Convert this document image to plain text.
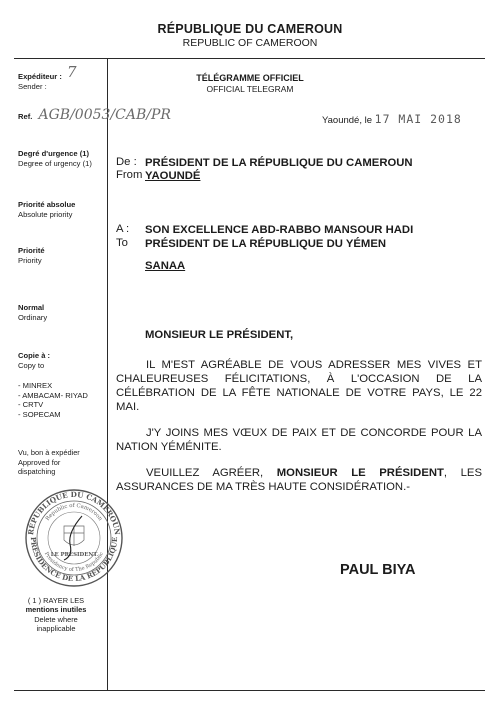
RÉPUBLIQUE DU CAMEROUN
REPUBLIC OF CAMEROON
TÉLÉGRAMME OFFICIEL
OFFICIAL TELEGRAM
Expéditeur : 7
Sender :
Ref. AGB/0053/CAB/PR	Yaoundé, le 17 MAI 2018
Degré d'urgence (1)
Degree of urgency (1)
Priorité absolue
Absolute priority
Priorité
Priority
Normal
Ordinary
Copie à :
Copy to
- MINREX
- AMBACAM- RIYAD
- CRTV
- SOPECAM
Vu, bon à expédier
Approved for
dispatching
RÉPUBLIQUE DU CAMEROUN
Republic of Cameroon
PRÉSIDENCE DE LA RÉPUBLIQUE
Presidency of The Republic
LE PRÉSIDENT
( 1 ) RAYER LES
mentions inutiles
Delete where
inapplicable
De :
From
PRÉSIDENT DE LA RÉPUBLIQUE DU CAMEROUN
YAOUNDÉ
A :
To
SON EXCELLENCE ABD-RABBO MANSOUR HADI
PRÉSIDENT DE LA RÉPUBLIQUE DU YÉMEN
SANAA
MONSIEUR LE PRÉSIDENT,
IL M'EST AGRÉABLE DE VOUS ADRESSER MES VIVES ET CHALEUREUSES FÉLICITATIONS, À L'OCCASION DE LA CÉLÉBRATION DE LA FÊTE NATIONALE DE VOTRE PAYS, LE 22 MAI.
J'Y JOINS MES VŒUX DE PAIX ET DE CONCORDE POUR LA NATION YÉMÉNITE.
VEUILLEZ AGRÉER, MONSIEUR LE PRÉSIDENT, LES ASSURANCES DE MA TRÈS HAUTE CONSIDÉRATION.-
PAUL BIYA
